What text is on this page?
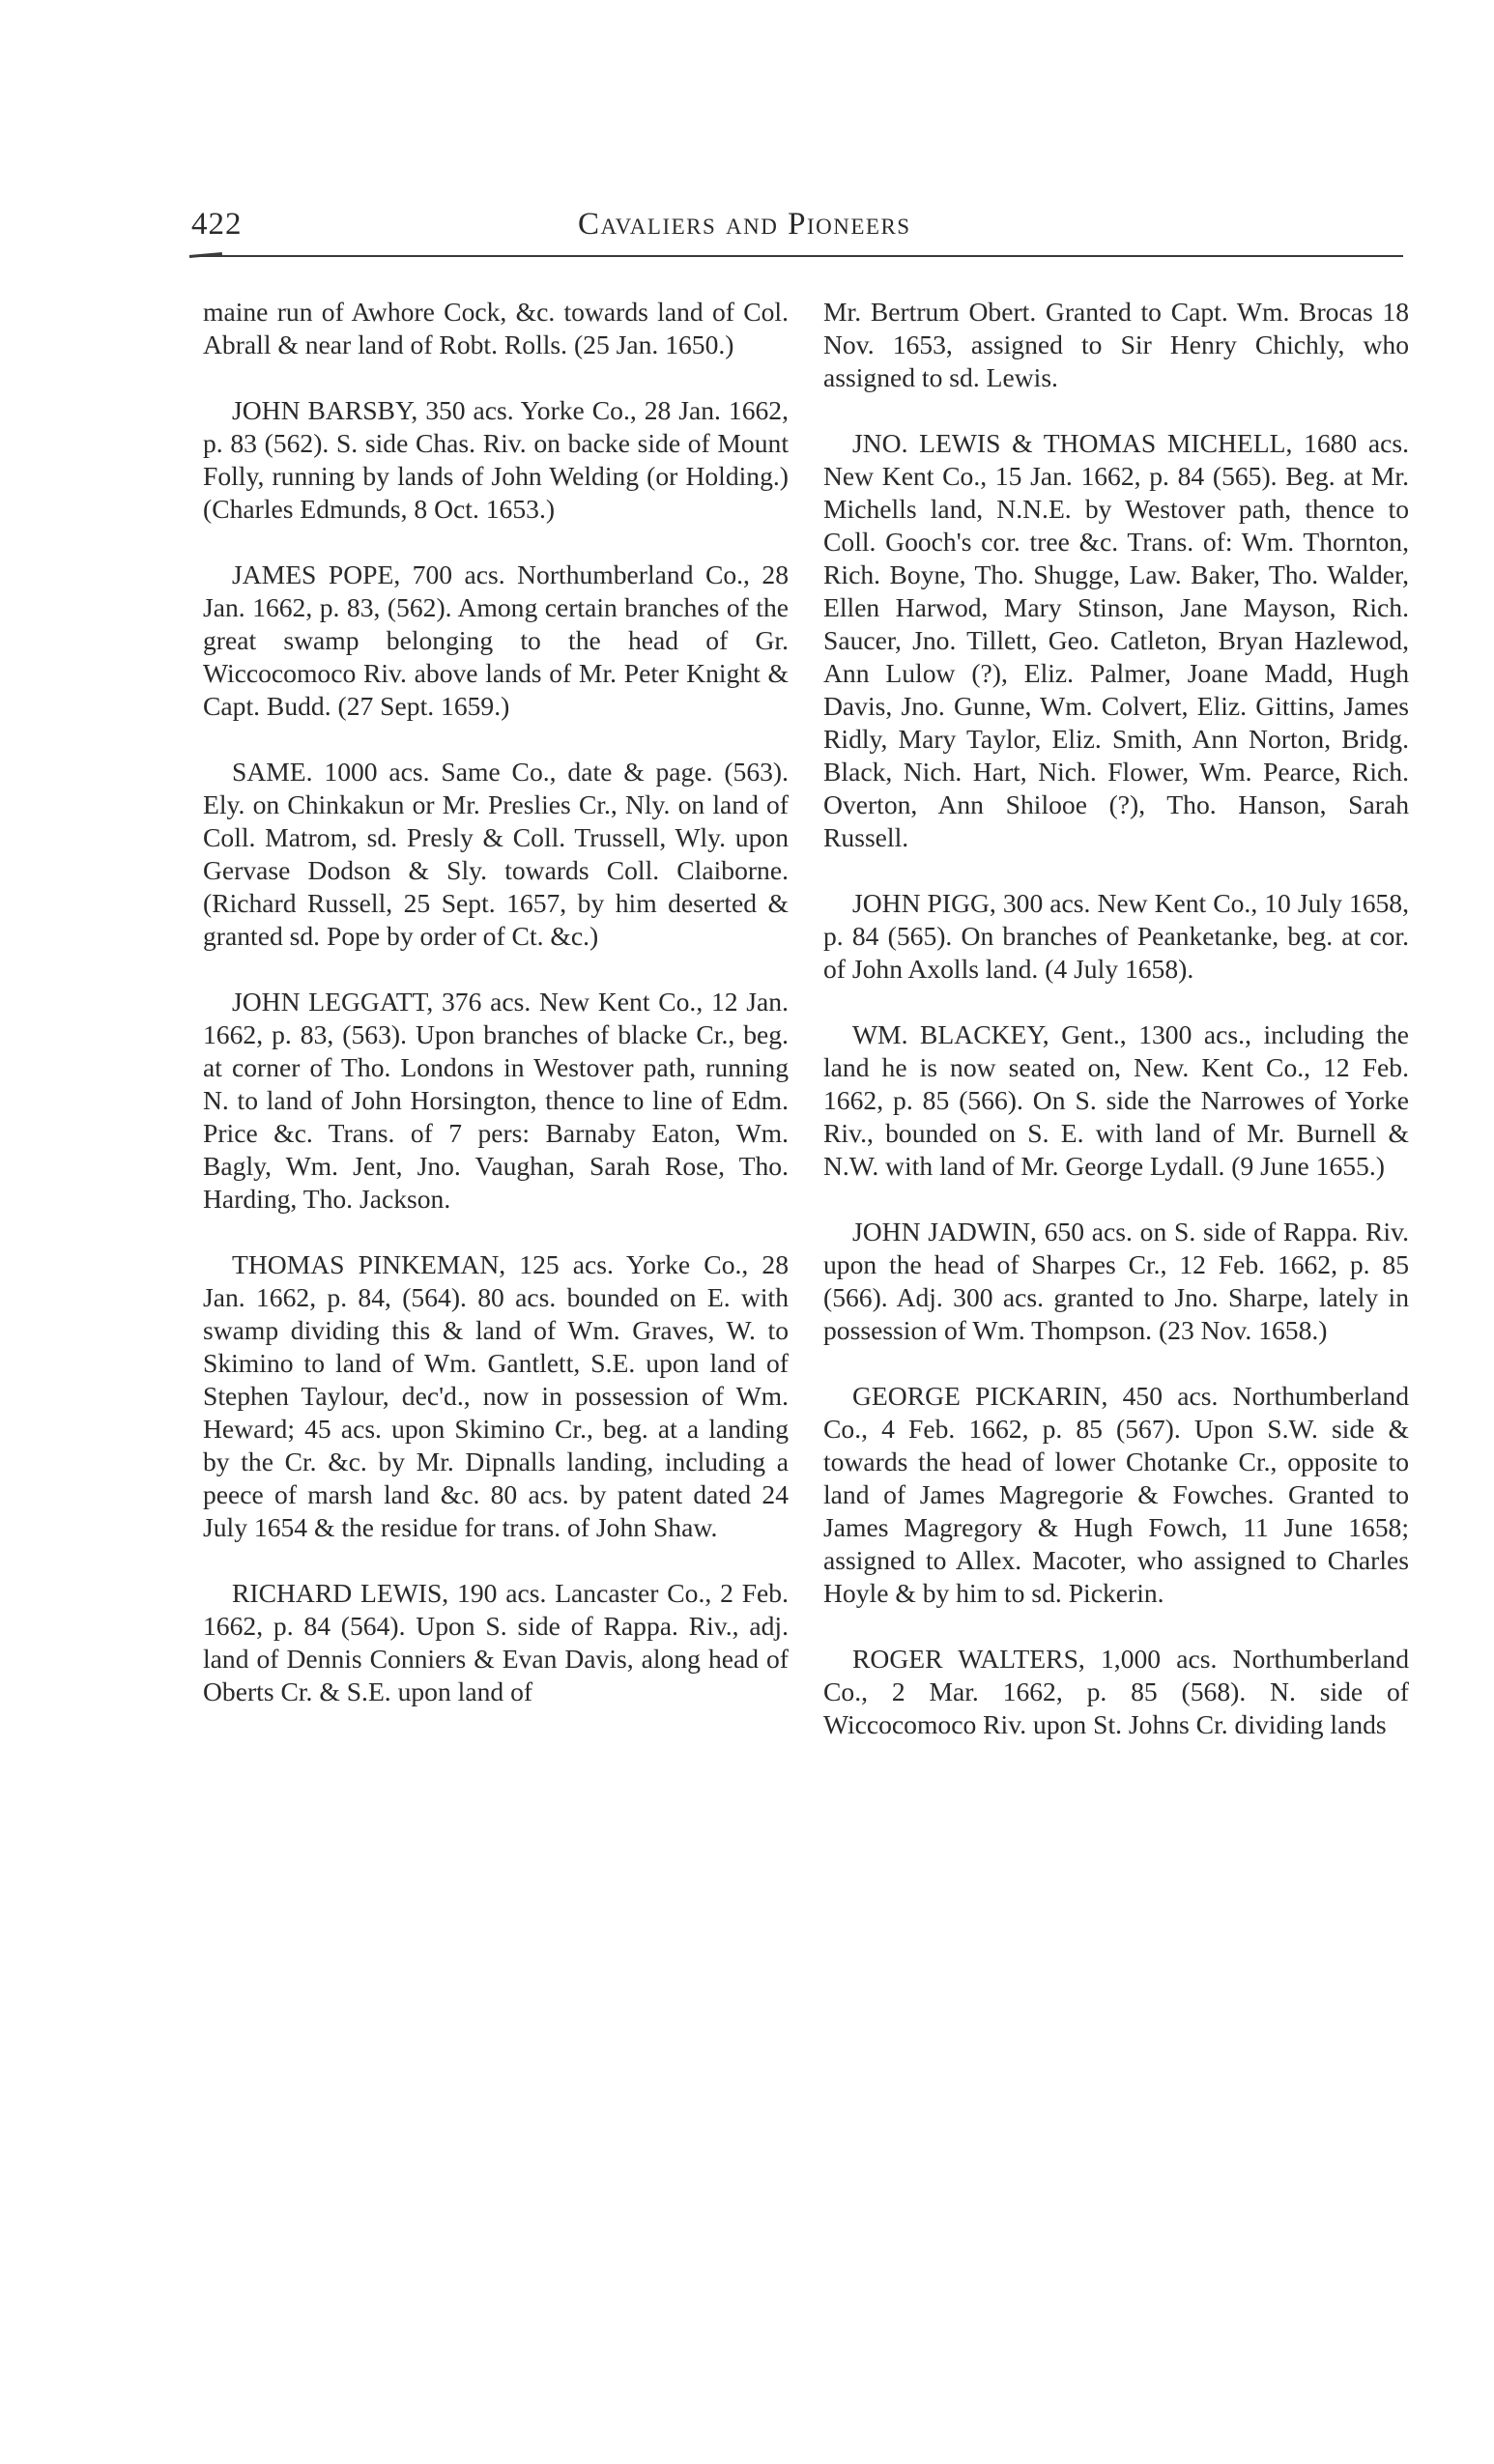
422	Cavaliers and Pioneers

maine run of Awhore Cock, &c. towards land of Col. Abrall & near land of Robt. Rolls. (25 Jan. 1650.)

JOHN BARSBY, 350 acs. Yorke Co., 28 Jan. 1662, p. 83 (562). S. side Chas. Riv. on backe side of Mount Folly, running by lands of John Welding (or Holding.) (Charles Edmunds, 8 Oct. 1653.)

JAMES POPE, 700 acs. Northumberland Co., 28 Jan. 1662, p. 83, (562). Among certain branches of the great swamp belonging to the head of Gr. Wiccocomoco Riv. above lands of Mr. Peter Knight & Capt. Budd. (27 Sept. 1659.)

SAME. 1000 acs. Same Co., date & page. (563). Ely. on Chinkakun or Mr. Preslies Cr., Nly. on land of Coll. Matrom, sd. Presly & Coll. Trussell, Wly. upon Gervase Dodson & Sly. towards Coll. Claiborne. (Richard Russell, 25 Sept. 1657, by him deserted & granted sd. Pope by order of Ct. &c.)

JOHN LEGGATT, 376 acs. New Kent Co., 12 Jan. 1662, p. 83, (563). Upon branches of blacke Cr., beg. at corner of Tho. Londons in Westover path, running N. to land of John Horsington, thence to line of Edm. Price &c. Trans. of 7 pers: Barnaby Eaton, Wm. Bagly, Wm. Jent, Jno. Vaughan, Sarah Rose, Tho. Harding, Tho. Jackson.

THOMAS PINKEMAN, 125 acs. Yorke Co., 28 Jan. 1662, p. 84, (564). 80 acs. bounded on E. with swamp dividing this & land of Wm. Graves, W. to Skimino to land of Wm. Gantlett, S.E. upon land of Stephen Taylour, dec'd., now in possession of Wm. Heward; 45 acs. upon Skimino Cr., beg. at a landing by the Cr. &c. by Mr. Dipnalls landing, including a peece of marsh land &c. 80 acs. by patent dated 24 July 1654 & the residue for trans. of John Shaw.

RICHARD LEWIS, 190 acs. Lancaster Co., 2 Feb. 1662, p. 84 (564). Upon S. side of Rappa. Riv., adj. land of Dennis Conniers & Evan Davis, along head of Oberts Cr. & S.E. upon land of

Mr. Bertrum Obert. Granted to Capt. Wm. Brocas 18 Nov. 1653, assigned to Sir Henry Chichly, who assigned to sd. Lewis.

JNO. LEWIS & THOMAS MICHELL, 1680 acs. New Kent Co., 15 Jan. 1662, p. 84 (565). Beg. at Mr. Michells land, N.N.E. by Westover path, thence to Coll. Gooch's cor. tree &c. Trans. of: Wm. Thornton, Rich. Boyne, Tho. Shugge, Law. Baker, Tho. Walder, Ellen Harwod, Mary Stinson, Jane Mayson, Rich. Saucer, Jno. Tillett, Geo. Catleton, Bryan Hazlewod, Ann Lulow (?), Eliz. Palmer, Joane Madd, Hugh Davis, Jno. Gunne, Wm. Colvert, Eliz. Gittins, James Ridly, Mary Taylor, Eliz. Smith, Ann Norton, Bridg. Black, Nich. Hart, Nich. Flower, Wm. Pearce, Rich. Overton, Ann Shilooe (?), Tho. Hanson, Sarah Russell.

JOHN PIGG, 300 acs. New Kent Co., 10 July 1658, p. 84 (565). On branches of Peanketanke, beg. at cor. of John Axolls land. (4 July 1658).

WM. BLACKEY, Gent., 1300 acs., including the land he is now seated on, New. Kent Co., 12 Feb. 1662, p. 85 (566). On S. side the Narrowes of Yorke Riv., bounded on S. E. with land of Mr. Burnell & N.W. with land of Mr. George Lydall. (9 June 1655.)

JOHN JADWIN, 650 acs. on S. side of Rappa. Riv. upon the head of Sharpes Cr., 12 Feb. 1662, p. 85 (566). Adj. 300 acs. granted to Jno. Sharpe, lately in possession of Wm. Thompson. (23 Nov. 1658.)

GEORGE PICKARIN, 450 acs. Northumberland Co., 4 Feb. 1662, p. 85 (567). Upon S.W. side & towards the head of lower Chotanke Cr., opposite to land of James Magregorie & Fowches. Granted to James Magregory & Hugh Fowch, 11 June 1658; assigned to Allex. Macoter, who assigned to Charles Hoyle & by him to sd. Pickerin.

ROGER WALTERS, 1,000 acs. Northumberland Co., 2 Mar. 1662, p. 85 (568). N. side of Wiccocomoco Riv. upon St. Johns Cr. dividing lands
